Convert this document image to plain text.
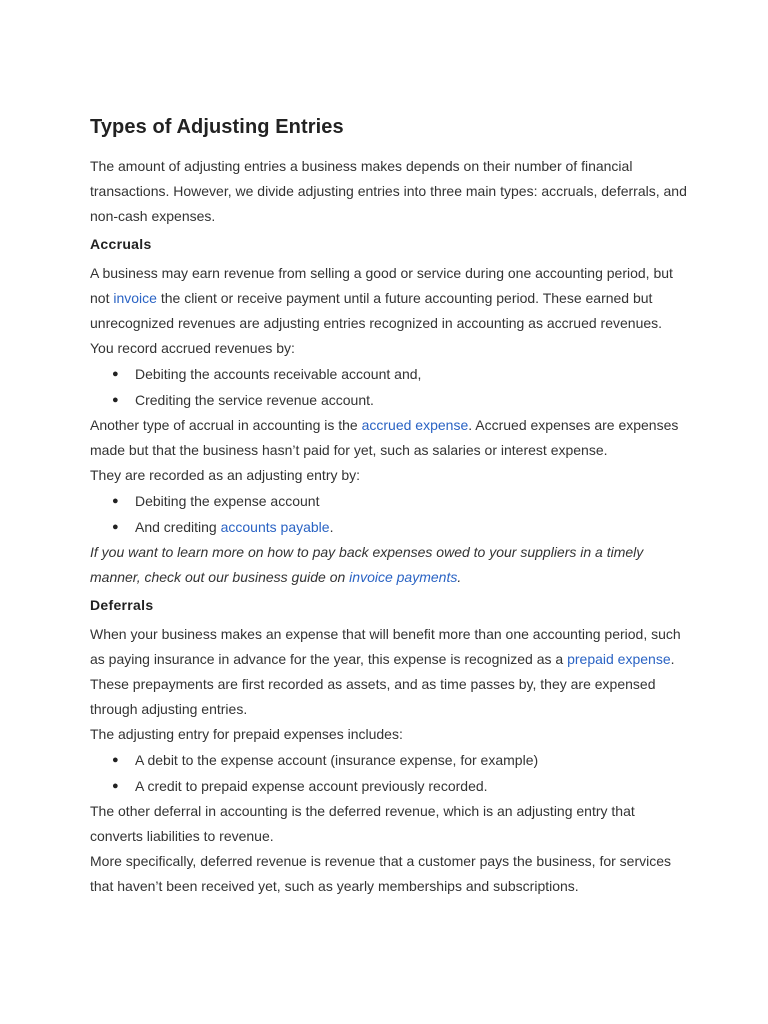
Types of Adjusting Entries

The amount of adjusting entries a business makes depends on their number of financial transactions. However, we divide adjusting entries into three main types: accruals, deferrals, and non-cash expenses.

Accruals

A business may earn revenue from selling a good or service during one accounting period, but not invoice the client or receive payment until a future accounting period. These earned but unrecognized revenues are adjusting entries recognized in accounting as accrued revenues.

You record accrued revenues by:

● Debiting the accounts receivable account and,
● Crediting the service revenue account.

Another type of accrual in accounting is the accrued expense. Accrued expenses are expenses made but that the business hasn’t paid for yet, such as salaries or interest expense.

They are recorded as an adjusting entry by:

● Debiting the expense account
● And crediting accounts payable.

If you want to learn more on how to pay back expenses owed to your suppliers in a timely manner, check out our business guide on invoice payments.

Deferrals

When your business makes an expense that will benefit more than one accounting period, such as paying insurance in advance for the year, this expense is recognized as a prepaid expense.

These prepayments are first recorded as assets, and as time passes by, they are expensed through adjusting entries.

The adjusting entry for prepaid expenses includes:

● A debit to the expense account (insurance expense, for example)
● A credit to prepaid expense account previously recorded.

The other deferral in accounting is the deferred revenue, which is an adjusting entry that converts liabilities to revenue.

More specifically, deferred revenue is revenue that a customer pays the business, for services that haven’t been received yet, such as yearly memberships and subscriptions.
